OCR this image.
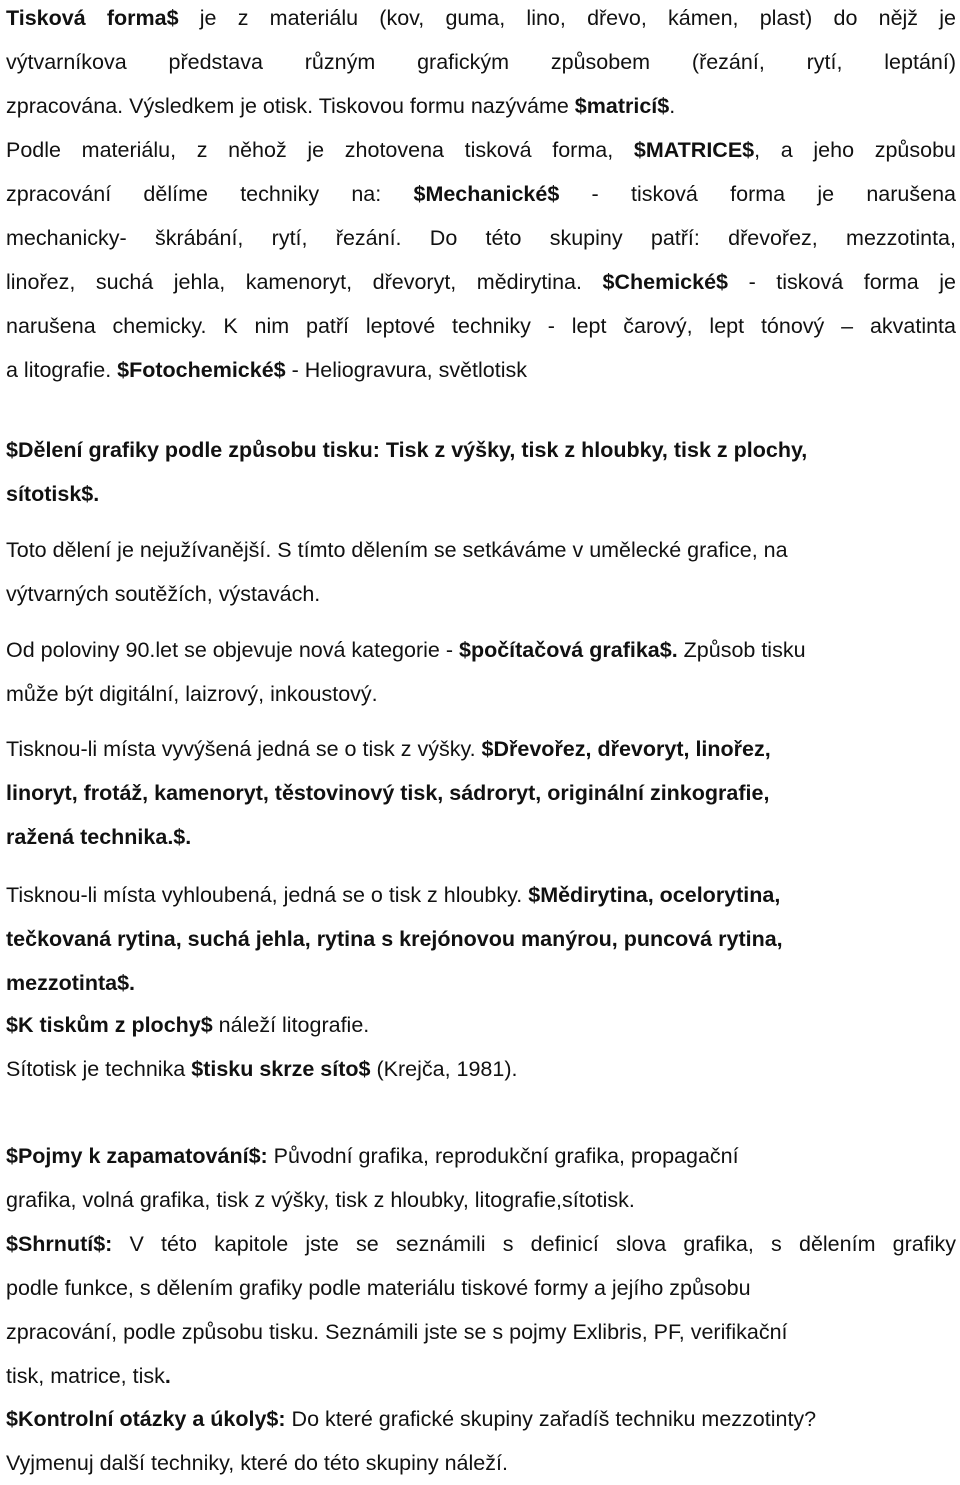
Tisková forma$ je z materiálu (kov, guma, lino, dřevo, kámen, plast) do nějž je
výtvarníkova představa různým grafickým způsobem (řezání, rytí, leptání)
zpracována. Výsledkem je otisk. Tiskovou formu nazýváme $matricí$.
Podle materiálu, z něhož je zhotovena tisková forma, $MATRICE$, a jeho způsobu
zpracování dělíme techniky na: $Mechanické$ - tisková forma je narušena
mechanicky- škrábání, rytí, řezání. Do této skupiny patří: dřevořez, mezzotinta,
linořez, suchá jehla, kamenoryt, dřevoryt, mědirytina. $Chemické$ - tisková forma je
narušena chemicky. K nim patří leptové techniky - lept čarový, lept tónový – akvatinta
a litografie. $Fotochemické$ - Heliogravura, světlotisk
$Dělení grafiky podle způsobu tisku: Tisk z výšky, tisk z hloubky, tisk z plochy,
sítotisk$.
Toto dělení je nejužívanější. S tímto dělením se setkáváme v umělecké grafice, na
výtvarných soutěžích, výstavách.
Od poloviny 90.let se objevuje nová kategorie - $počítačová grafika$. Způsob tisku
může být digitální, laizrový, inkoustový.
Tisknou-li místa vyvýšená jedná se o tisk z výšky. $Dřevořez, dřevoryt, linořez,
linoryt, frotáž, kamenoryt, těstovinový tisk, sádroryt, originální zinkografie,
ražená technika.$.
Tisknou-li místa vyhloubená, jedná se o tisk z hloubky. $Mědirytina, ocelorytina,
tečkovaná rytina, suchá jehla, rytina s krejónovou manýrou, puncová rytina,
mezzotinta$.
$K tiskům z plochy$ náleží litografie.
Sítotisk je technika $tisku skrze síto$ (Krejča, 1981).
$Pojmy k zapamatování$: Původní grafika, reprodukční grafika, propagační
grafika, volná grafika, tisk z výšky, tisk z hloubky, litografie,sítotisk.
$Shrnutí$: V této kapitole jste se seznámili s definicí slova grafika, s dělením grafiky
podle funkce, s dělením grafiky podle materiálu tiskové formy a jejího způsobu
zpracování, podle způsobu tisku. Seznámili jste se s pojmy Exlibris, PF, verifikační
tisk, matrice, tisk.
$Kontrolní otázky a úkoly$: Do které grafické skupiny zařadíš techniku mezzotinty?
Vyjmenuj další techniky, které do této skupiny náleží.
